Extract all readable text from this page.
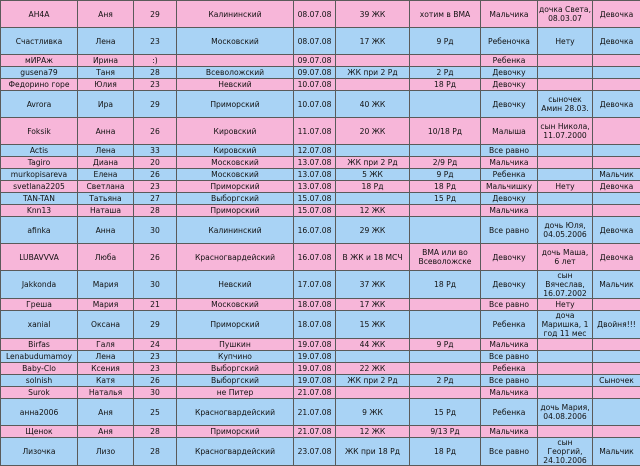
АН4А	Аня	29	Калининский	08.07.08	39 ЖК	хотим в ВМА	Мальчика	дочка Света, 08.03.07	Девочка
Счастливка	Лена	23	Московский	08.07.08	17 ЖК	9 Рд	Ребеночка	Нету	Девочка
мИРАж	Ирина	:)		09.07.08			Ребенка		
gusena79	Таня	28	Всеволожский	09.07.08	ЖК при 2 Рд	2 Рд	Девочку		
Федорино горе	Юлия	23	Невский	10.07.08		18 Рд	Девочку		
Avrora	Ира	29	Приморский	10.07.08	40 ЖК		Девочку	сыночек Амин 28.03.	Девочка
Foksik	Анна	26	Кировский	11.07.08	20 ЖК	10/18 Рд	Малыша	сын Никола, 11.07.2000	
Actis	Лена	33	Кировский	12.07.08			Все равно		
Tagiro	Диана	20	Московский	13.07.08	ЖК при 2 Рд	2/9 Рд	Мальчика		
murkopisareva	Елена	26	Московский	13.07.08	5 ЖК	9 Рд	Ребенка		Мальчик
svetlana2205	Светлана	23	Приморский	13.07.08	18 Рд	18 Рд	Мальчишку	Нету	Девочка
TAN-TAN	Татьяна	27	Выборгский	15.07.08		15 Рд	Девочку		
Knn13	Наташа	28	Приморский	15.07.08	12 ЖК		Мальчика		
afinka	Анна	30	Калининский	16.07.08	29 ЖК		Все равно	дочь Юля, 04.05.2006	Девочка
LUBAVVVA	Люба	26	Красногвардейский	16.07.08	В ЖК и 18 МСЧ	ВМА или во Всеволожске	Девочку	дочь Маша, 6 лет	Девочка
Jakkonda	Мария	30	Невский	17.07.08	37 ЖК	18 Рд	Девочку	сын Вячеслав, 16.07.2002	Мальчик
Греша	Мария	21	Московский	18.07.08	17 ЖК		Все равно	Нету	
xanial	Оксана	29	Приморский	18.07.08	15 ЖК		Ребенка	доча Маришка, 1 год 11 мес	Двойня!!!
Birfas	Галя	24	Пушкин	19.07.08	44 ЖК	9 Рд	Мальчика		
Lenabudumamoy	Лена	23	Купчино	19.07.08			Все равно		
Baby-Clo	Ксения	23	Выборгский	19.07.08	22 ЖК		Ребенка		
solnish	Катя	26	Выборгский	19.07.08	ЖК при 2 Рд	2 Рд	Все равно		Сыночек
Surok	Наталья	30	не Питер	21.07.08			Мальчика		
анна2006	Аня	25	Красногвардейский	21.07.08	9 ЖК	15 Рд	Ребенка	дочь Мария, 04.08.2006	
Щенок	Аня	28	Приморский	21.07.08	12 ЖК	9/13 Рд	Мальчика		
Лизочка	Лизо	28	Красногвардейский	23.07.08	ЖК при 18 Рд	18 Рд	Все равно	сын Георгий, 24.10.2006	Мальчик
